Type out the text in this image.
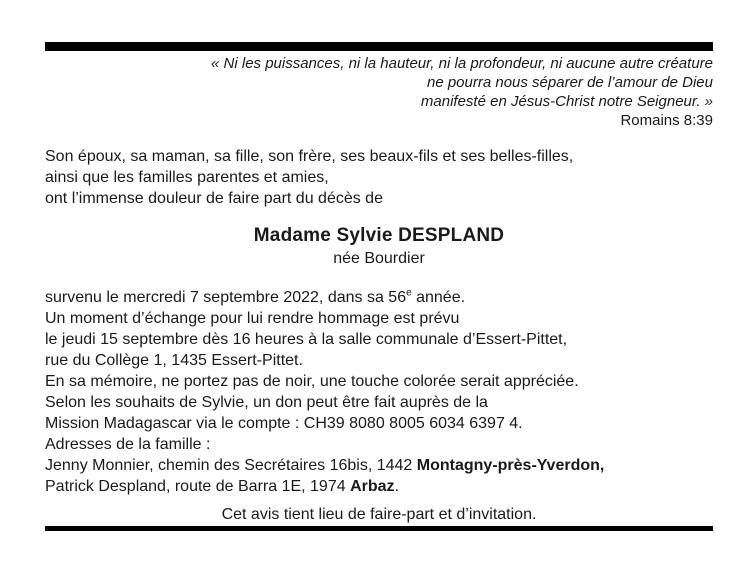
« Ni les puissances, ni la hauteur, ni la profondeur, ni aucune autre créature

ne pourra nous séparer de l’amour de Dieu

manifesté en Jésus-Christ notre Seigneur. »

Romains 8:39

Son époux, sa maman, sa fille, son frère, ses beaux-fils et ses belles-filles,

ainsi que les familles parentes et amies,

ont l’immense douleur de faire part du décès de

Madame Sylvie DESPLAND

née Bourdier

survenu le mercredi 7 septembre 2022, dans sa 56e année.

Un moment d’échange pour lui rendre hommage est prévu

le jeudi 15 septembre dès 16 heures à la salle communale d’Essert-Pittet,

rue du Collège 1, 1435 Essert-Pittet.

En sa mémoire, ne portez pas de noir, une touche colorée serait appréciée.

Selon les souhaits de Sylvie, un don peut être fait auprès de la

Mission Madagascar via le compte : CH39 8080 8005 6034 6397 4.

Adresses de la famille :

Jenny Monnier, chemin des Secrétaires 16bis, 1442 Montagny-près-Yverdon,

Patrick Despland, route de Barra 1E, 1974 Arbaz.

Cet avis tient lieu de faire-part et d’invitation.
